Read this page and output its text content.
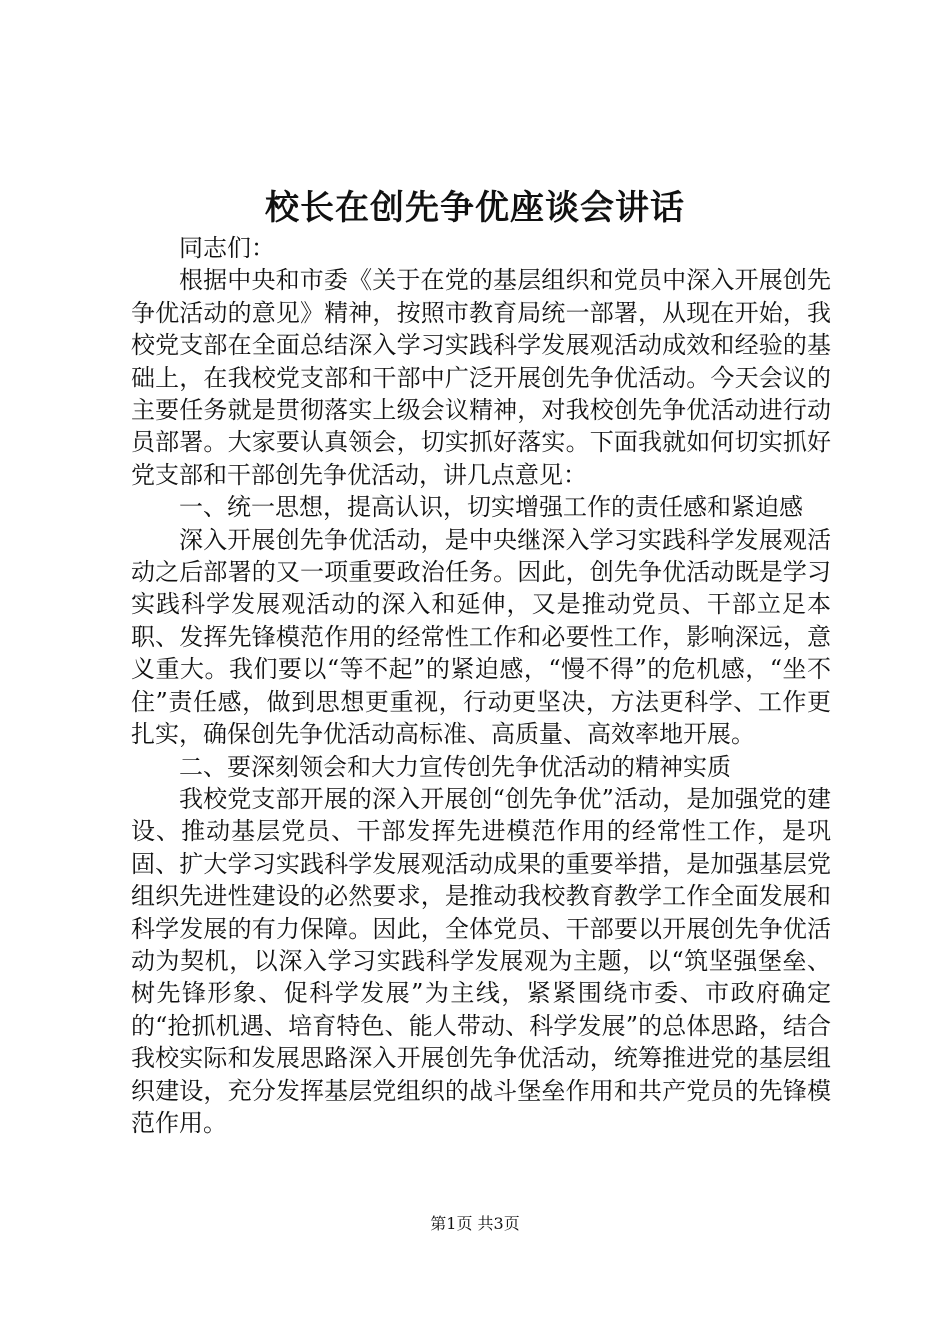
校长在创先争优座谈会讲话

同志们：

根据中央和市委《关于在党的基层组织和党员中深入开展创先争优活动的意见》精神，按照市教育局统一部署，从现在开始，我校党支部在全面总结深入学习实践科学发展观活动成效和经验的基础上，在我校党支部和干部中广泛开展创先争优活动。今天会议的主要任务就是贯彻落实上级会议精神，对我校创先争优活动进行动员部署。大家要认真领会，切实抓好落实。下面我就如何切实抓好党支部和干部创先争优活动，讲几点意见：

一、统一思想，提高认识，切实增强工作的责任感和紧迫感

深入开展创先争优活动，是中央继深入学习实践科学发展观活动之后部署的又一项重要政治任务。因此，创先争优活动既是学习实践科学发展观活动的深入和延伸，又是推动党员、干部立足本职、发挥先锋模范作用的经常性工作和必要性工作，影响深远，意义重大。我们要以“等不起”的紧迫感，“慢不得”的危机感，“坐不住”责任感，做到思想更重视，行动更坚决，方法更科学、工作更扎实，确保创先争优活动高标准、高质量、高效率地开展。

二、要深刻领会和大力宣传创先争优活动的精神实质

我校党支部开展的深入开展创“创先争优”活动，是加强党的建设、推动基层党员、干部发挥先进模范作用的经常性工作，是巩固、扩大学习实践科学发展观活动成果的重要举措，是加强基层党组织先进性建设的必然要求，是推动我校教育教学工作全面发展和科学发展的有力保障。因此，全体党员、干部要以开展创先争优活动为契机，以深入学习实践科学发展观为主题，以“筑坚强堡垒、树先锋形象、促科学发展”为主线，紧紧围绕市委、市政府确定的“抢抓机遇、培育特色、能人带动、科学发展”的总体思路，结合我校实际和发展思路深入开展创先争优活动，统筹推进党的基层组织建设，充分发挥基层党组织的战斗堡垒作用和共产党员的先锋模范作用。

第1页 共3页
